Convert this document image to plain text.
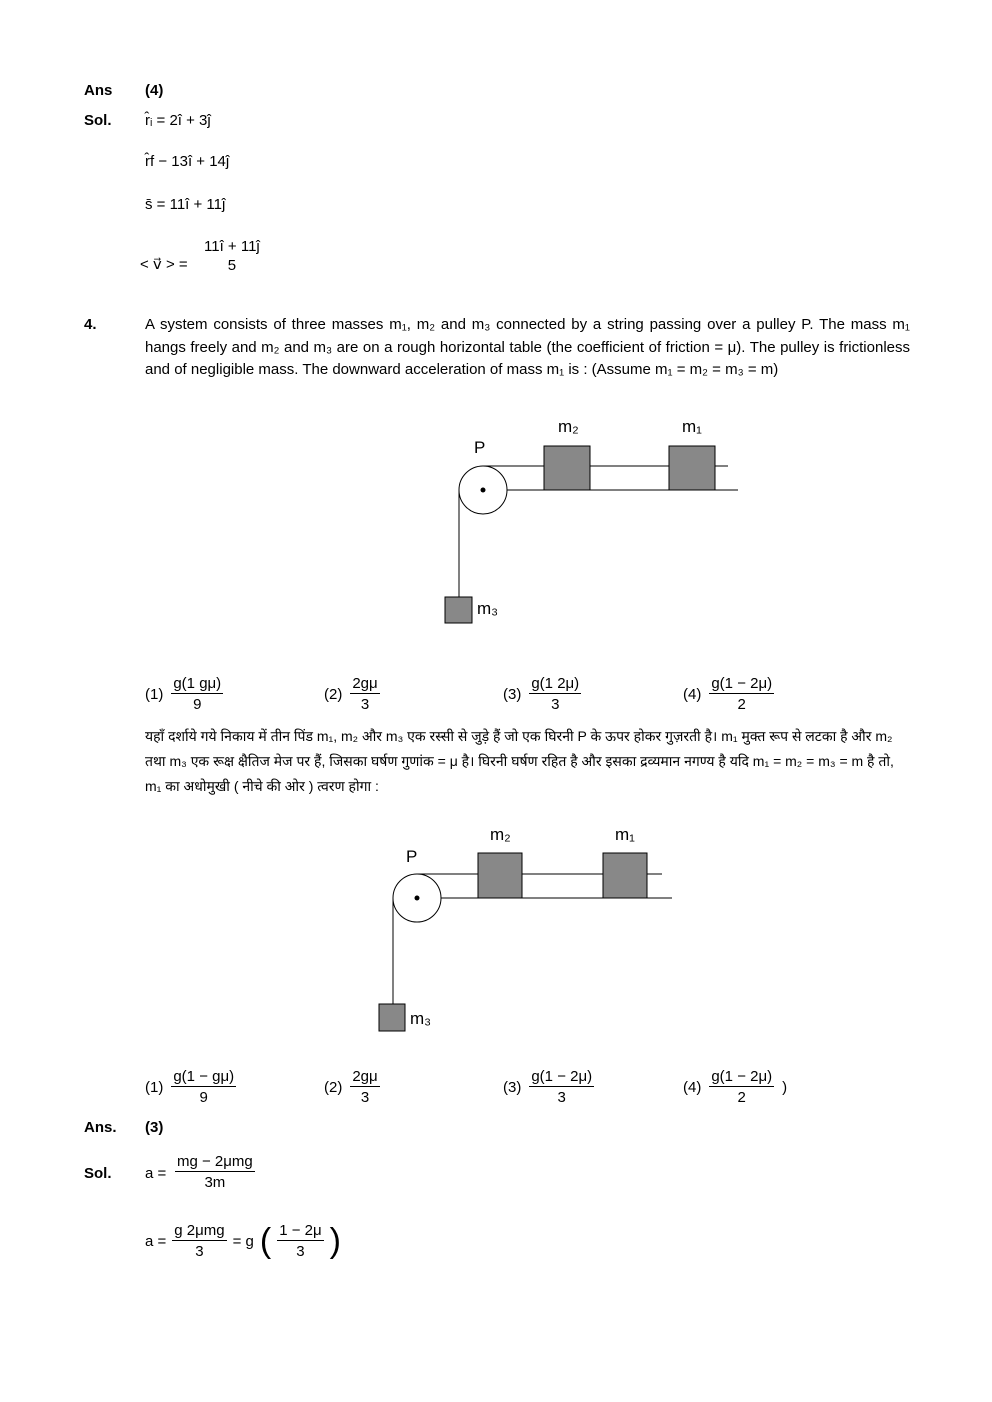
Ans (4)
Sol. r̂ᵢ = 2î + 3ĵ
r̂f − 13î + 14ĵ
s̄ = 11î + 11ĵ
< v⃗ > =
11î + 11ĵ
5
4.	A system consists of three masses m₁, m₂ and m₃ connected by a string passing over a pulley P. The mass m₁ hangs freely and m₂ and m₃ are on a rough horizontal table (the coefficient of friction = μ). The pulley is frictionless and of negligible mass. The downward acceleration of mass m₁ is : (Assume m₁ = m₂ = m₃ = m)
P
m₂	m₁
m₃
$(1) \frac{g(1 g\mu)}{9}$	$(2) \frac{2g\mu}{3}$	$(3) \frac{g(1 2\mu)}{3}$	$(4) \frac{g(1 - 2\mu)}{2}$
यहाँ दर्शाये गये निकाय में तीन पिंड m₁, m₂ और m₃ एक रस्सी से जुड़े हैं जो एक घिरनी P के ऊपर होकर गुज़रती है। m₁ मुक्त रूप से लटका है और m₂ तथा m₃ एक रूक्ष क्षैतिज मेज पर हैं, जिसका घर्षण गुणांक = μ है। घिरनी घर्षण रहित है और इसका द्रव्यमान नगण्य है यदि m₁ = m₂ = m₃ = m है तो, m₁ का अधोमुखी ( नीचे की ओर ) त्वरण होगा :
P
m₂	m₁
m₃
$(1) \frac{g(1 - g\mu)}{9}$	$(2) \frac{2g\mu}{3}$	$(3) \frac{g(1 - 2\mu)}{3}$	$(4) \frac{g(1 - 2\mu)}{2}$ )
Ans. (3)
Sol. a =
mg − 2μmg
3m
$a = \frac{\text{g 2μmg}}{3} = g$ ( $\frac{1 - 2\mu}{3}$ )
